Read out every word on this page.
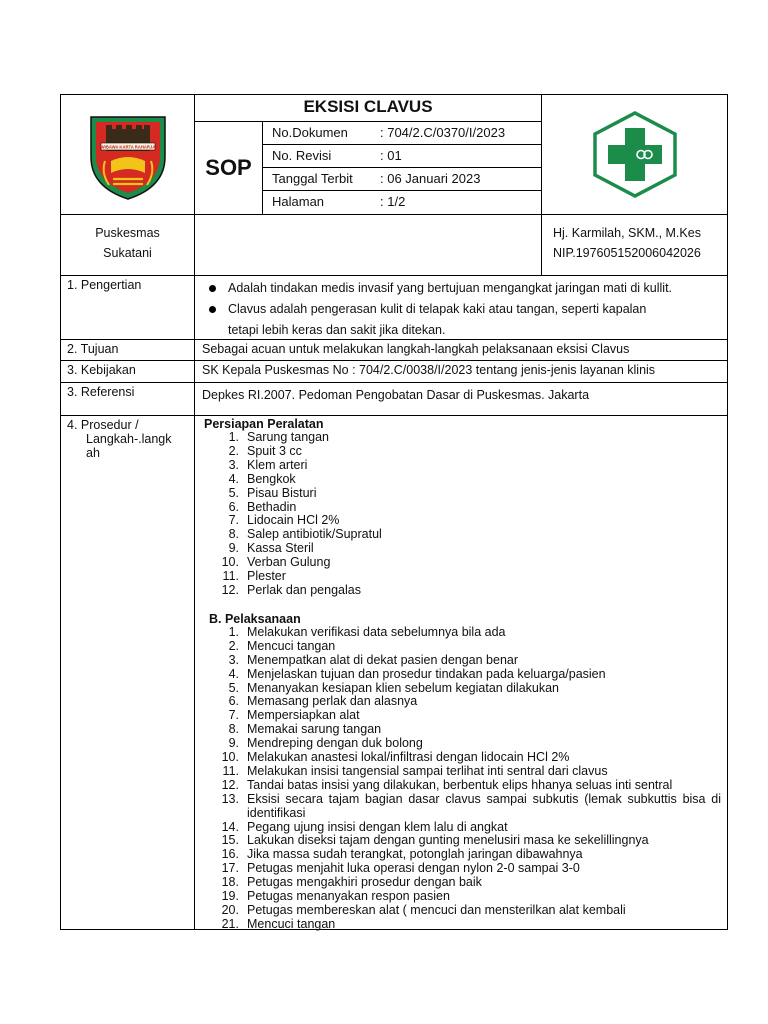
WIBAWA KARTA RAHARJA
EKSISI CLAVUS
SOP
No.Dokumen : 704/2.C/0370/I/2023
No. Revisi	: 01
Tanggal Terbit : 06 Januari 2023
Halaman	: 1/2
Puskesmas
Sukatani
Hj. Karmilah, SKM., M.Kes
NIP.197605152006042026
1. Pengertian	Adalah tindakan medis invasif yang bertujuan mengangkat jaringan mati di kullit.
Clavus adalah pengerasan kulit di telapak kaki atau tangan, seperti kapalan
tetapi lebih keras dan sakit jika ditekan.
2. Tujuan	Sebagai acuan untuk melakukan langkah-langkah pelaksanaan eksisi Clavus
3. Kebijakan	SK Kepala Puskesmas No : 704/2.C/0038/I/2023 tentang jenis-jenis layanan klinis
3. Referensi	Depkes RI.2007. Pedoman Pengobatan Dasar di Puskesmas. Jakarta
4. Prosedur /
Langkah-.langk
ah
Persiapan Peralatan
1. Sarung tangan
2. Spuit 3 cc
3. Klem arteri
4. Bengkok
5. Pisau Bisturi
6. Bethadin
7. Lidocain HCl 2%
8. Salep antibiotik/Supratul
9. Kassa Steril
10. Verban Gulung
11. Plester
12. Perlak dan pengalas
B. Pelaksanaan
1. Melakukan verifikasi data sebelumnya bila ada
2. Mencuci tangan
3. Menempatkan alat di dekat pasien dengan benar
4. Menjelaskan tujuan dan prosedur tindakan pada keluarga/pasien
5. Menanyakan kesiapan klien sebelum kegiatan dilakukan
6. Memasang perlak dan alasnya
7. Mempersiapkan alat
8. Memakai sarung tangan
9. Mendreping dengan duk bolong
10. Melakukan anastesi lokal/infiltrasi dengan lidocain HCl 2%
11. Melakukan insisi tangensial sampai terlihat inti sentral dari clavus
12. Tandai batas insisi yang dilakukan, berbentuk elips hhanya seluas inti sentral
13. Eksisi secara tajam bagian dasar clavus sampai subkutis (lemak subkuttis bisa di identifikasi
14. Pegang ujung insisi dengan klem lalu di angkat
15. Lakukan diseksi tajam dengan gunting menelusiri masa ke sekelillingnya
16. Jika massa sudah terangkat, potonglah jaringan dibawahnya
17. Petugas menjahit luka operasi dengan nylon 2-0 sampai 3-0
18. Petugas mengakhiri prosedur dengan baik
19. Petugas menanyakan respon pasien
20. Petugas membereskan alat ( mencuci dan mensterilkan alat kembali
21. Mencuci tangan
